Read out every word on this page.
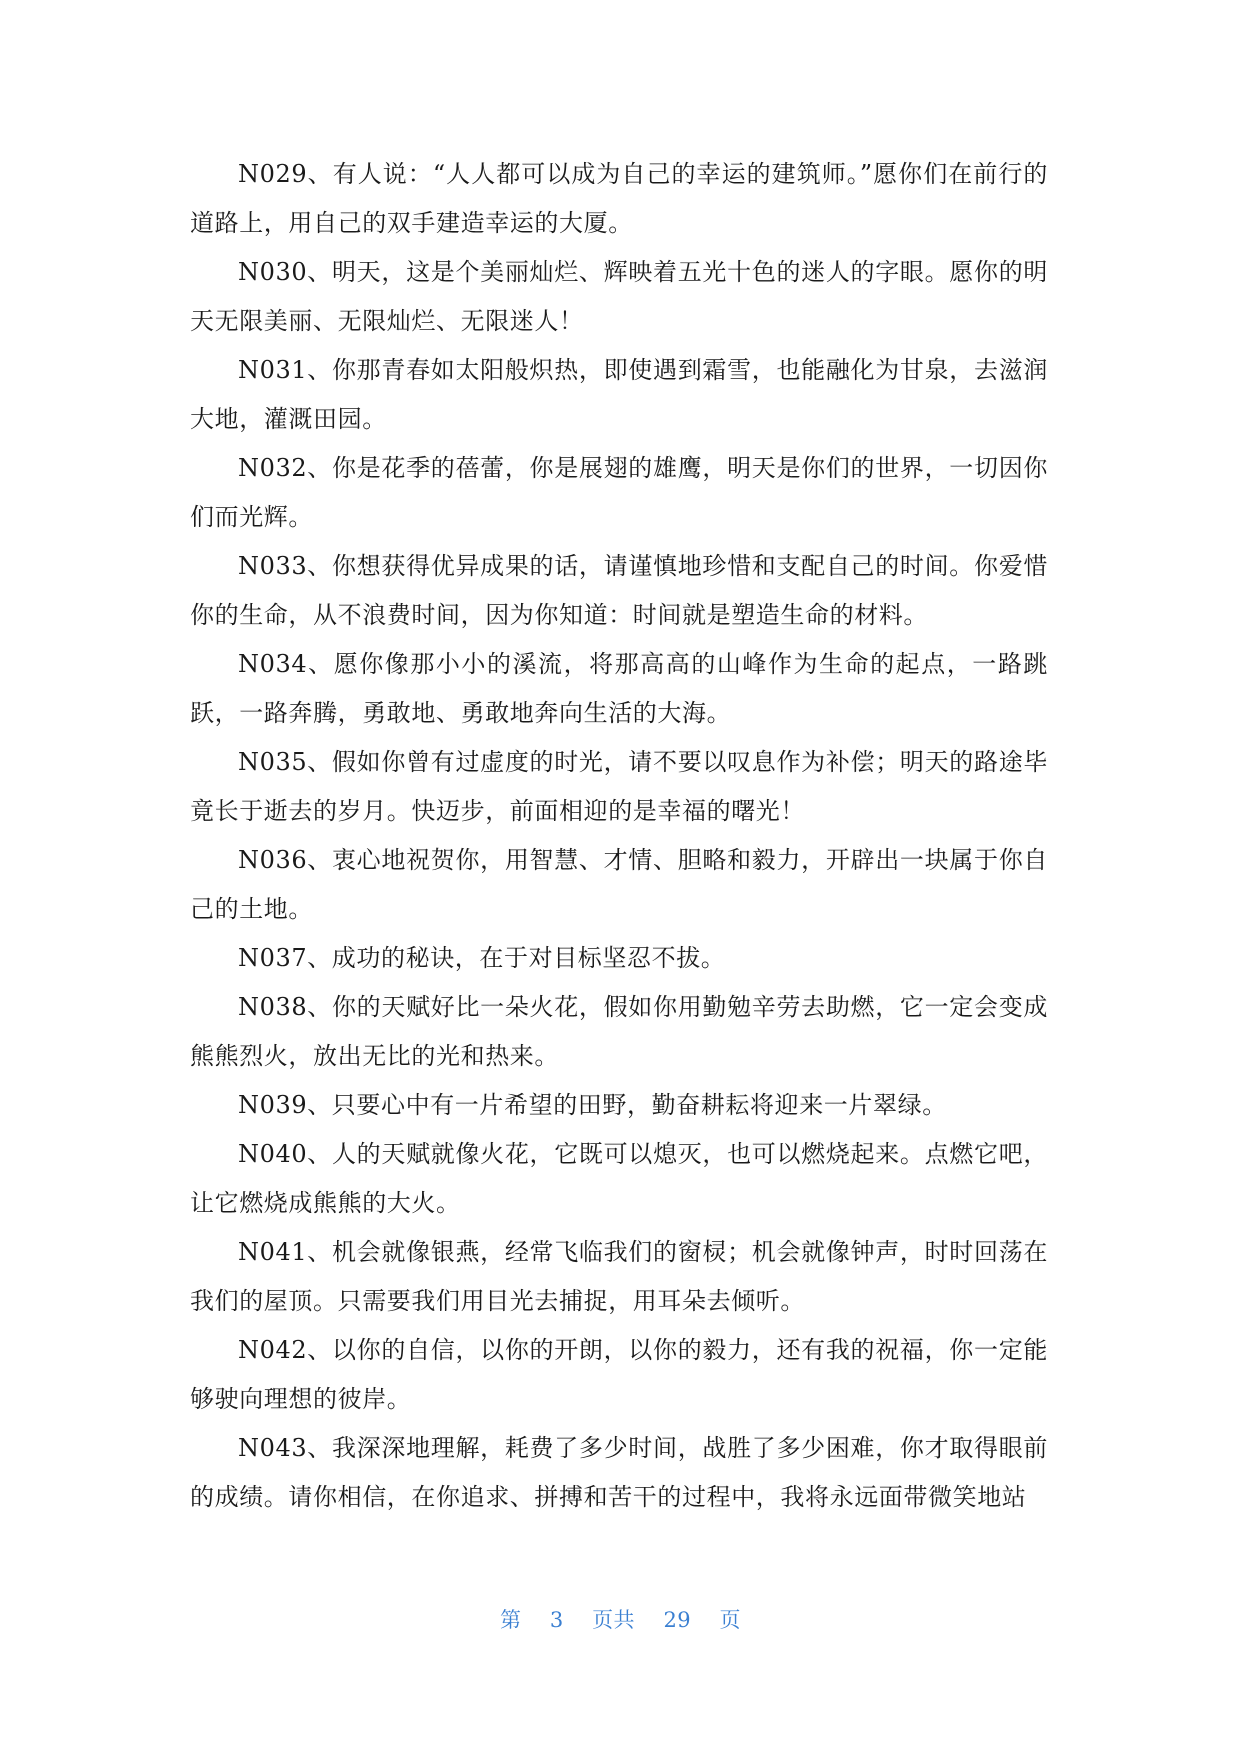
N029、有人说：“人人都可以成为自己的幸运的建筑师。”愿你们在前行的道路上，用自己的双手建造幸运的大厦。

N030、明天，这是个美丽灿烂、辉映着五光十色的迷人的字眼。愿你的明天无限美丽、无限灿烂、无限迷人！

N031、你那青春如太阳般炽热，即使遇到霜雪，也能融化为甘泉，去滋润大地，灌溉田园。

N032、你是花季的蓓蕾，你是展翅的雄鹰，明天是你们的世界，一切因你们而光辉。

N033、你想获得优异成果的话，请谨慎地珍惜和支配自己的时间。你爱惜你的生命，从不浪费时间，因为你知道：时间就是塑造生命的材料。

N034、愿你像那小小的溪流，将那高高的山峰作为生命的起点，一路跳跃，一路奔腾，勇敢地、勇敢地奔向生活的大海。

N035、假如你曾有过虚度的时光，请不要以叹息作为补偿；明天的路途毕竟长于逝去的岁月。快迈步，前面相迎的是幸福的曙光！

N036、衷心地祝贺你，用智慧、才情、胆略和毅力，开辟出一块属于你自己的土地。

N037、成功的秘诀，在于对目标坚忍不拔。

N038、你的天赋好比一朵火花，假如你用勤勉辛劳去助燃，它一定会变成熊熊烈火，放出无比的光和热来。

N039、只要心中有一片希望的田野，勤奋耕耘将迎来一片翠绿。

N040、人的天赋就像火花，它既可以熄灭，也可以燃烧起来。点燃它吧，让它燃烧成熊熊的大火。

N041、机会就像银燕，经常飞临我们的窗棂；机会就像钟声，时时回荡在我们的屋顶。只需要我们用目光去捕捉，用耳朵去倾听。

N042、以你的自信，以你的开朗，以你的毅力，还有我的祝福，你一定能够驶向理想的彼岸。

N043、我深深地理解，耗费了多少时间，战胜了多少困难，你才取得眼前的成绩。请你相信，在你追求、拼搏和苦干的过程中，我将永远面带微笑地站

第 3 页共 29 页
